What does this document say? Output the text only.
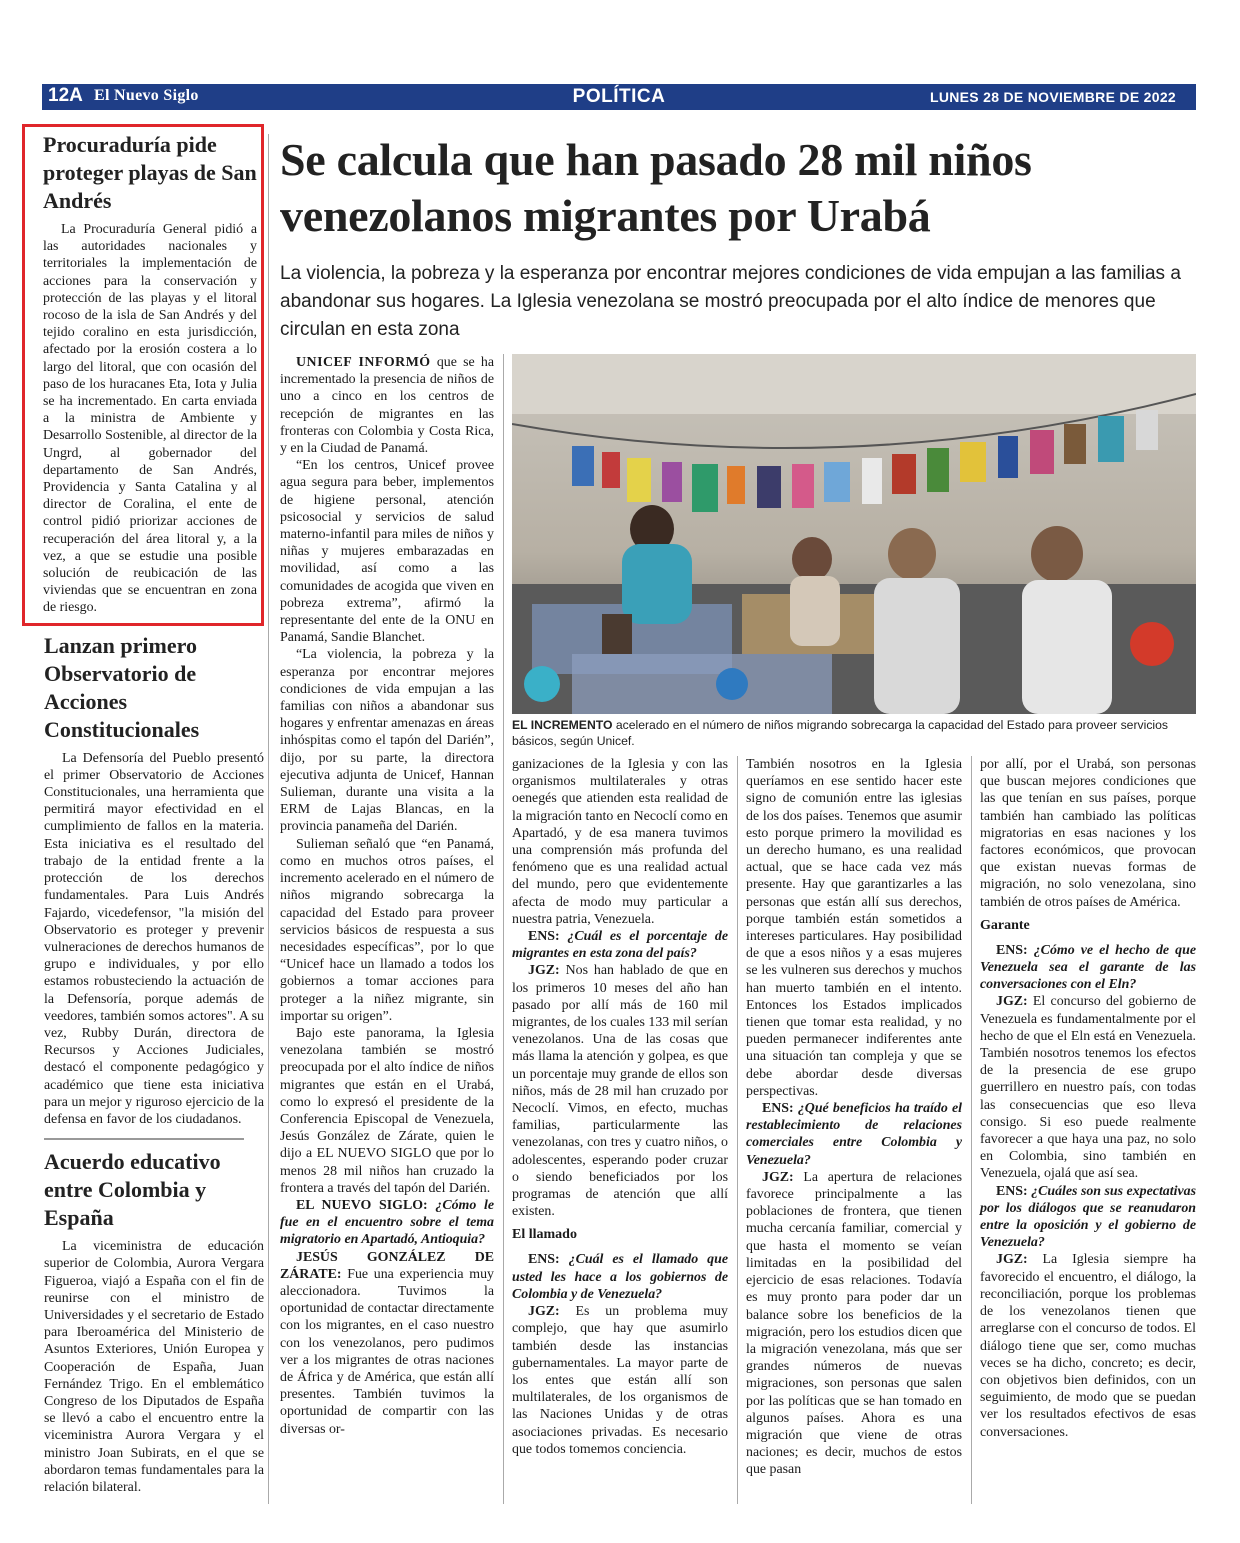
12A El Nuevo Siglo	POLÍTICA	LUNES 28 DE NOVIEMBRE DE 2022
Procuraduría pide proteger playas de San Andrés

La Procuraduría General pidió a las autoridades nacionales y territoriales la implementación de acciones para la conservación y protección de las playas y el litoral rocoso de la isla de San Andrés y del tejido coralino en esta jurisdicción, afectado por la erosión costera a lo largo del litoral, que con ocasión del paso de los huracanes Eta, Iota y Julia se ha incrementado. En carta enviada a la ministra de Ambiente y Desarrollo Sostenible, al director de la Ungrd, al gobernador del departamento de San Andrés, Providencia y Santa Catalina y al director de Coralina, el ente de control pidió priorizar acciones de recuperación del área litoral y, a la vez, a que se estudie una posible solución de reubicación de las viviendas que se encuentran en zona de riesgo.

Lanzan primero Observatorio de Acciones Constitucionales

La Defensoría del Pueblo presentó el primer Observatorio de Acciones Constitucionales, una herramienta que permitirá mayor efectividad en el cumplimiento de fallos en la materia. Esta iniciativa es el resultado del trabajo de la entidad frente a la protección de los derechos fundamentales. Para Luis Andrés Fajardo, vicedefensor, "la misión del Observatorio es proteger y prevenir vulneraciones de derechos humanos de grupo e individuales, y por ello estamos robusteciendo la actuación de la Defensoría, porque además de veedores, también somos actores". A su vez, Rubby Durán, directora de Recursos y Acciones Judiciales, destacó el componente pedagógico y académico que tiene esta iniciativa para un mejor y riguroso ejercicio de la defensa en favor de los ciudadanos.

Acuerdo educativo entre Colombia y España

La viceministra de educación superior de Colombia, Aurora Vergara Figueroa, viajó a España con el fin de reunirse con el ministro de Universidades y el secretario de Estado para Iberoamérica del Ministerio de Asuntos Exteriores, Unión Europea y Cooperación de España, Juan Fernández Trigo. En el emblemático Congreso de los Diputados de España se llevó a cabo el encuentro entre la viceministra Aurora Vergara y el ministro Joan Subirats, en el que se abordaron temas fundamentales para la relación bilateral.

Se calcula que han pasado 28 mil niños venezolanos migrantes por Urabá
La violencia, la pobreza y la esperanza por encontrar mejores condiciones de vida empujan a las familias a abandonar sus hogares. La Iglesia venezolana se mostró preocupada por el alto índice de menores que circulan en esta zona
EL INCREMENTO acelerado en el número de niños migrando sobrecarga la capacidad del Estado para proveer servicios básicos, según Unicef.

UNICEF INFORMÓ que se ha incrementado la presencia de niños de uno a cinco en los centros de recepción de migrantes en las fronteras con Colombia y Costa Rica, y en la Ciudad de Panamá.

“En los centros, Unicef provee agua segura para beber, implementos de higiene personal, atención psicosocial y servicios de salud materno-infantil para miles de niños y niñas y mujeres embarazadas en movilidad, así como a las comunidades de acogida que viven en pobreza extrema”, afirmó la representante del ente de la ONU en Panamá, Sandie Blanchet.

“La violencia, la pobreza y la esperanza por encontrar mejores condiciones de vida empujan a las familias con niños a abandonar sus hogares y enfrentar amenazas en áreas inhóspitas como el tapón del Darién”, dijo, por su parte, la directora ejecutiva adjunta de Unicef, Hannan Sulieman, durante una visita a la ERM de Lajas Blancas, en la provincia panameña del Darién.

Sulieman señaló que “en Panamá, como en muchos otros países, el incremento acelerado en el número de niños migrando sobrecarga la capacidad del Estado para proveer servicios básicos de respuesta a sus necesidades específicas”, por lo que “Unicef hace un llamado a todos los gobiernos a tomar acciones para proteger a la niñez migrante, sin importar su origen”.

Bajo este panorama, la Iglesia venezolana también se mostró preocupada por el alto índice de niños migrantes que están en el Urabá, como lo expresó el presidente de la Conferencia Episcopal de Venezuela, Jesús González de Zárate, quien le dijo a EL NUEVO SIGLO que por lo menos 28 mil niños han cruzado la frontera a través del tapón del Darién.

EL NUEVO SIGLO: ¿Cómo le fue en el encuentro sobre el tema migratorio en Apartadó, Antioquia?

JESÚS GONZÁLEZ DE ZÁRATE: Fue una experiencia muy aleccionadora. Tuvimos la oportunidad de contactar directamente con los migrantes, en el caso nuestro con los venezolanos, pero pudimos ver a los migrantes de otras naciones de África y de América, que están allí presentes. También tuvimos la oportunidad de compartir con las diversas or-

ganizaciones de la Iglesia y con las organismos multilaterales y otras oenegés que atienden esta realidad de la migración tanto en Necoclí como en Apartadó, y de esa manera tuvimos una comprensión más profunda del fenómeno que es una realidad actual del mundo, pero que evidentemente afecta de modo muy particular a nuestra patria, Venezuela.

ENS: ¿Cuál es el porcentaje de migrantes en esta zona del país?

JGZ: Nos han hablado de que en los primeros 10 meses del año han pasado por allí más de 160 mil migrantes, de los cuales 133 mil serían venezolanos. Una de las cosas que más llama la atención y golpea, es que un porcentaje muy grande de ellos son niños, más de 28 mil han cruzado por Necoclí. Vimos, en efecto, muchas familias, particularmente las venezolanas, con tres y cuatro niños, o adolescentes, esperando poder cruzar o siendo beneficiados por los programas de atención que allí existen.

El llamado

ENS: ¿Cuál es el llamado que usted les hace a los gobiernos de Colombia y de Venezuela?

JGZ: Es un problema muy complejo, que hay que asumirlo también desde las instancias gubernamentales. La mayor parte de los entes que están allí son multilaterales, de los organismos de las Naciones Unidas y de otras asociaciones privadas. Es necesario que todos tomemos conciencia.

También nosotros en la Iglesia queríamos en ese sentido hacer este signo de comunión entre las iglesias de los dos países. Tenemos que asumir esto porque primero la movilidad es un derecho humano, es una realidad actual, que se hace cada vez más presente. Hay que garantizarles a las personas que están allí sus derechos, porque también están sometidos a intereses particulares. Hay posibilidad de que a esos niños y a esas mujeres se les vulneren sus derechos y muchos han muerto también en el intento. Entonces los Estados implicados tienen que tomar esta realidad, y no pueden permanecer indiferentes ante una situación tan compleja y que se debe abordar desde diversas perspectivas.

ENS: ¿Qué beneficios ha traído el restablecimiento de relaciones comerciales entre Colombia y Venezuela?

JGZ: La apertura de relaciones favorece principalmente a las poblaciones de frontera, que tienen mucha cercanía familiar, comercial y que hasta el momento se veían limitadas en la posibilidad del ejercicio de esas relaciones. Todavía es muy pronto para poder dar un balance sobre los beneficios de la migración, pero los estudios dicen que la migración venezolana, más que ser grandes números de nuevas migraciones, son personas que salen por las políticas que se han tomado en algunos países. Ahora es una migración que viene de otras naciones; es decir, muchos de estos que pasan

por allí, por el Urabá, son personas que buscan mejores condiciones que las que tenían en sus países, porque también han cambiado las políticas migratorias en esas naciones y los factores económicos, que provocan que existan nuevas formas de migración, no solo venezolana, sino también de otros países de América.

Garante

ENS: ¿Cómo ve el hecho de que Venezuela sea el garante de las conversaciones con el Eln?

JGZ: El concurso del gobierno de Venezuela es fundamentalmente por el hecho de que el Eln está en Venezuela. También nosotros tenemos los efectos de la presencia de ese grupo guerrillero en nuestro país, con todas las consecuencias que eso lleva consigo. Si eso puede realmente favorecer a que haya una paz, no solo en Colombia, sino también en Venezuela, ojalá que así sea.

ENS: ¿Cuáles son sus expectativas por los diálogos que se reanudaron entre la oposición y el gobierno de Venezuela?

JGZ: La Iglesia siempre ha favorecido el encuentro, el diálogo, la reconciliación, porque los problemas de los venezolanos tienen que arreglarse con el concurso de todos. El diálogo tiene que ser, como muchas veces se ha dicho, concreto; es decir, con objetivos bien definidos, con un seguimiento, de modo que se puedan ver los resultados efectivos de esas conversaciones.
